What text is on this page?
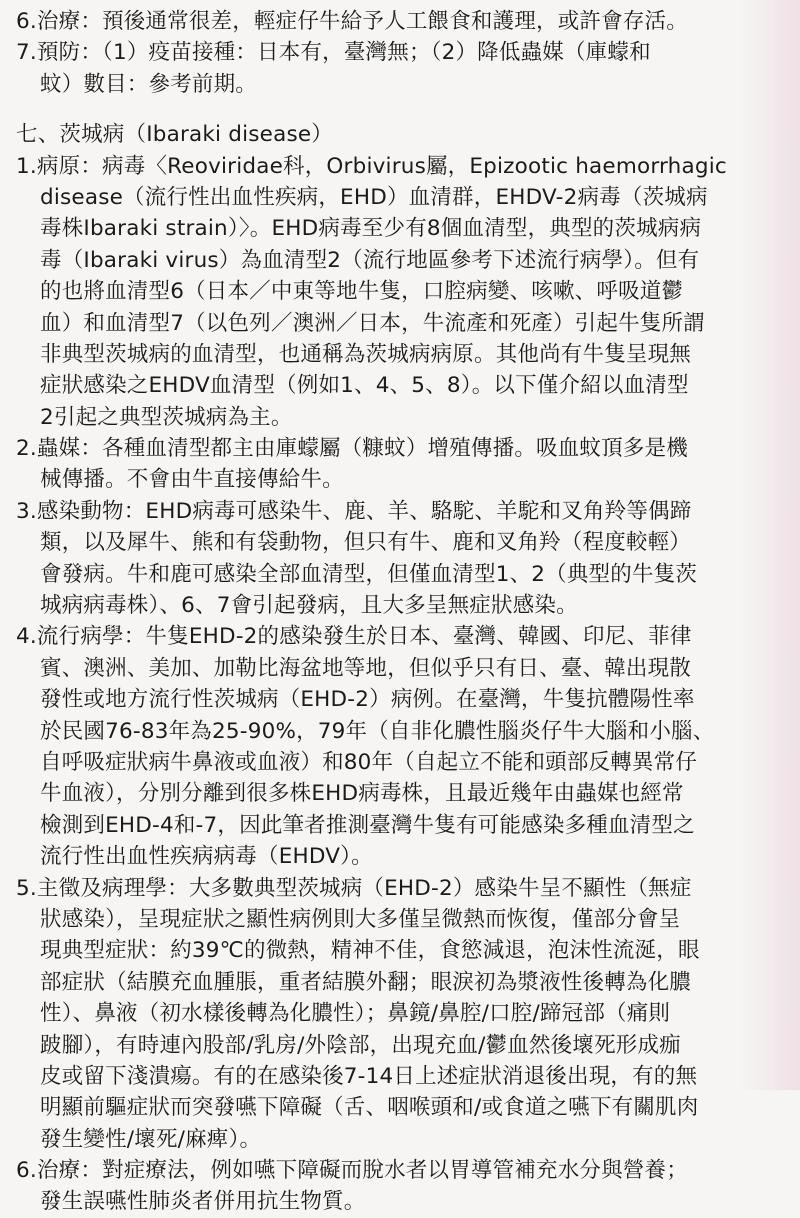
6.治療：預後通常很差，輕症仔牛給予人工餵食和護理，或許會存活。
7.預防：（1）疫苗接種：日本有，臺灣無；（2）降低蟲媒（庫蠓和
蚊）數目：參考前期。
七、茨城病（Ibaraki disease）
1.病原：病毒〈Reoviridae科，Orbivirus屬，Epizootic haemorrhagic
disease（流行性出血性疾病，EHD）血清群，EHDV-2病毒（茨城病
毒株Ibaraki strain）〉。EHD病毒至少有8個血清型，典型的茨城病病
毒（Ibaraki virus）為血清型2（流行地區參考下述流行病學）。但有
的也將血清型6（日本／中東等地牛隻，口腔病變、咳嗽、呼吸道鬱
血）和血清型7（以色列／澳洲／日本，牛流產和死產）引起牛隻所謂
非典型茨城病的血清型，也通稱為茨城病病原。其他尚有牛隻呈現無
症狀感染之EHDV血清型（例如1、4、5、8）。以下僅介紹以血清型
2引起之典型茨城病為主。
2.蟲媒：各種血清型都主由庫蠓屬（糠蚊）增殖傳播。吸血蚊頂多是機
械傳播。不會由牛直接傳給牛。
3.感染動物：EHD病毒可感染牛、鹿、羊、駱駝、羊駝和叉角羚等偶蹄
類，以及犀牛、熊和有袋動物，但只有牛、鹿和叉角羚（程度較輕）
會發病。牛和鹿可感染全部血清型，但僅血清型1、2（典型的牛隻茨
城病病毒株）、6、7會引起發病，且大多呈無症狀感染。
4.流行病學：牛隻EHD-2的感染發生於日本、臺灣、韓國、印尼、菲律
賓、澳洲、美加、加勒比海盆地等地，但似乎只有日、臺、韓出現散
發性或地方流行性茨城病（EHD-2）病例。在臺灣，牛隻抗體陽性率
於民國76-83年為25-90%，79年（自非化膿性腦炎仔牛大腦和小腦、
自呼吸症狀病牛鼻液或血液）和80年（自起立不能和頭部反轉異常仔
牛血液），分別分離到很多株EHD病毒株，且最近幾年由蟲媒也經常
檢測到EHD-4和-7，因此筆者推測臺灣牛隻有可能感染多種血清型之
流行性出血性疾病病毒（EHDV）。
5.主徵及病理學：大多數典型茨城病（EHD-2）感染牛呈不顯性（無症
狀感染），呈現症狀之顯性病例則大多僅呈微熱而恢復，僅部分會呈
現典型症狀：約39℃的微熱，精神不佳，食慾減退，泡沫性流涎，眼
部症狀（結膜充血腫脹，重者結膜外翻；眼淚初為漿液性後轉為化膿
性）、鼻液（初水樣後轉為化膿性）；鼻鏡/鼻腔/口腔/蹄冠部（痛則
跛腳），有時連內股部/乳房/外陰部，出現充血/鬱血然後壞死形成痂
皮或留下淺潰瘍。有的在感染後7-14日上述症狀消退後出現，有的無
明顯前驅症狀而突發嚥下障礙（舌、咽喉頭和/或食道之嚥下有關肌肉
發生變性/壞死/麻痺）。
6.治療：對症療法，例如嚥下障礙而脫水者以胃導管補充水分與營養；
發生誤嚥性肺炎者併用抗生物質。
